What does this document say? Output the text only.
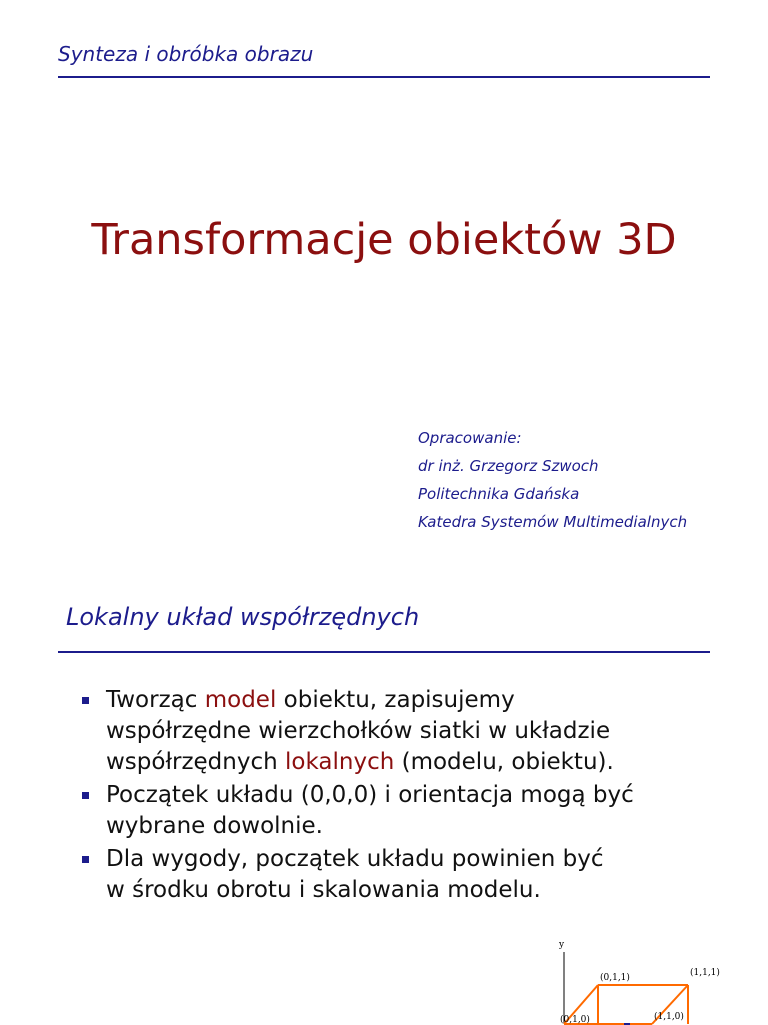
Synteza i obróbka obrazu
Transformacje obiektów 3D
Opracowanie:
dr inż. Grzegorz Szwoch
Politechnika Gdańska
Katedra Systemów Multimedialnych
Lokalny układ współrzędnych
Tworząc model obiektu, zapisujemy
współrzędne wierzchołków siatki w układzie
współrzędnych lokalnych (modelu, obiektu).
Początek układu (0,0,0) i orientacja mogą być
wybrane dowolnie.
Dla wygody, początek układu powinien być
w środku obrotu i skalowania modelu.
y
(0,1,1)	(1,1,1)
(0,1,0)	(1,1,0)
